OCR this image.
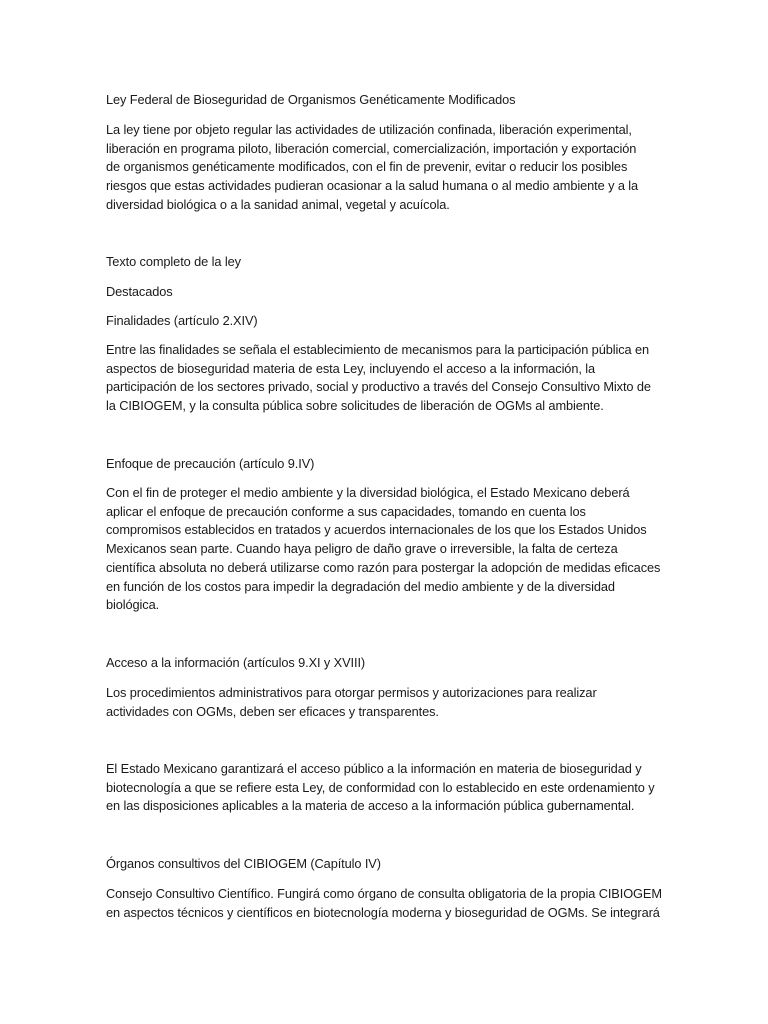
Ley Federal de Bioseguridad de Organismos Genéticamente Modificados

La ley tiene por objeto regular las actividades de utilización confinada, liberación experimental,
liberación en programa piloto, liberación comercial, comercialización, importación y exportación
de organismos genéticamente modificados, con el fin de prevenir, evitar o reducir los posibles
riesgos que estas actividades pudieran ocasionar a la salud humana o al medio ambiente y a la
diversidad biológica o a la sanidad animal, vegetal y acuícola.

Texto completo de la ley

Destacados

Finalidades (artículo 2.XIV)

Entre las finalidades se señala el establecimiento de mecanismos para la participación pública en
aspectos de bioseguridad materia de esta Ley, incluyendo el acceso a la información, la
participación de los sectores privado, social y productivo a través del Consejo Consultivo Mixto de
la CIBIOGEM, y la consulta pública sobre solicitudes de liberación de OGMs al ambiente.

Enfoque de precaución (artículo 9.IV)

Con el fin de proteger el medio ambiente y la diversidad biológica, el Estado Mexicano deberá
aplicar el enfoque de precaución conforme a sus capacidades, tomando en cuenta los
compromisos establecidos en tratados y acuerdos internacionales de los que los Estados Unidos
Mexicanos sean parte. Cuando haya peligro de daño grave o irreversible, la falta de certeza
científica absoluta no deberá utilizarse como razón para postergar la adopción de medidas eficaces
en función de los costos para impedir la degradación del medio ambiente y de la diversidad
biológica.

Acceso a la información (artículos 9.XI y XVIII)

Los procedimientos administrativos para otorgar permisos y autorizaciones para realizar
actividades con OGMs, deben ser eficaces y transparentes.

El Estado Mexicano garantizará el acceso público a la información en materia de bioseguridad y
biotecnología a que se refiere esta Ley, de conformidad con lo establecido en este ordenamiento y
en las disposiciones aplicables a la materia de acceso a la información pública gubernamental.

Órganos consultivos del CIBIOGEM (Capítulo IV)

Consejo Consultivo Científico. Fungirá como órgano de consulta obligatoria de la propia CIBIOGEM
en aspectos técnicos y científicos en biotecnología moderna y bioseguridad de OGMs. Se integrará
